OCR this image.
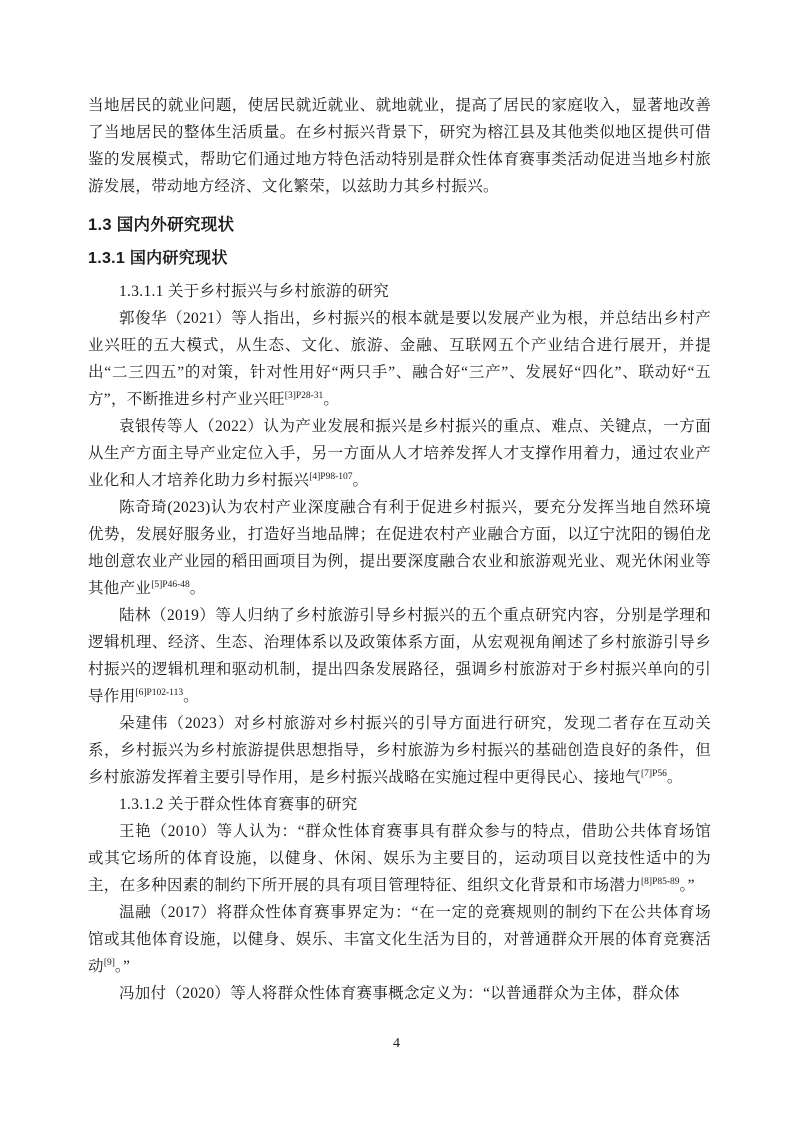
当地居民的就业问题，使居民就近就业、就地就业，提高了居民的家庭收入，显著地改善了当地居民的整体生活质量。在乡村振兴背景下，研究为榕江县及其他类似地区提供可借鉴的发展模式，帮助它们通过地方特色活动特别是群众性体育赛事类活动促进当地乡村旅游发展，带动地方经济、文化繁荣，以兹助力其乡村振兴。

1.3 国内外研究现状
1.3.1 国内研究现状

1.3.1.1 关于乡村振兴与乡村旅游的研究

郭俊华（2021）等人指出，乡村振兴的根本就是要以发展产业为根，并总结出乡村产业兴旺的五大模式，从生态、文化、旅游、金融、互联网五个产业结合进行展开，并提出“二三四五”的对策，针对性用好“两只手”、融合好“三产”、发展好“四化”、联动好“五方”，不断推进乡村产业兴旺$^{[3]P28-31}$。

袁银传等人（2022）认为产业发展和振兴是乡村振兴的重点、难点、关键点，一方面从生产方面主导产业定位入手，另一方面从人才培养发挥人才支撑作用着力，通过农业产业化和人才培养化助力乡村振兴$^{[4]P98-107}$。

陈奇琦(2023)认为农村产业深度融合有利于促进乡村振兴，要充分发挥当地自然环境优势，发展好服务业，打造好当地品牌；在促进农村产业融合方面，以辽宁沈阳的锡伯龙地创意农业产业园的稻田画项目为例，提出要深度融合农业和旅游观光业、观光休闲业等其他产业$^{[5]P46-48}$。

陆林（2019）等人归纳了乡村旅游引导乡村振兴的五个重点研究内容，分别是学理和逻辑机理、经济、生态、治理体系以及政策体系方面，从宏观视角阐述了乡村旅游引导乡村振兴的逻辑机理和驱动机制，提出四条发展路径，强调乡村旅游对于乡村振兴单向的引导作用$^{[6]P102-113}$。

朵建伟（2023）对乡村旅游对乡村振兴的引导方面进行研究，发现二者存在互动关系，乡村振兴为乡村旅游提供思想指导，乡村旅游为乡村振兴的基础创造良好的条件，但乡村旅游发挥着主要引导作用，是乡村振兴战略在实施过程中更得民心、接地气$^{[7]P56}$。

1.3.1.2 关于群众性体育赛事的研究

王艳（2010）等人认为：“群众性体育赛事具有群众参与的特点，借助公共体育场馆或其它场所的体育设施，以健身、休闲、娱乐为主要目的，运动项目以竞技性适中的为主，在多种因素的制约下所开展的具有项目管理特征、组织文化背景和市场潜力$^{[8]P85-89}$。”

温融（2017）将群众性体育赛事界定为：“在一定的竞赛规则的制约下在公共体育场馆或其他体育设施，以健身、娱乐、丰富文化生活为目的，对普通群众开展的体育竞赛活动[9]。”

冯加付（2020）等人将群众性体育赛事概念定义为：“以普通群众为主体，群众体

4
